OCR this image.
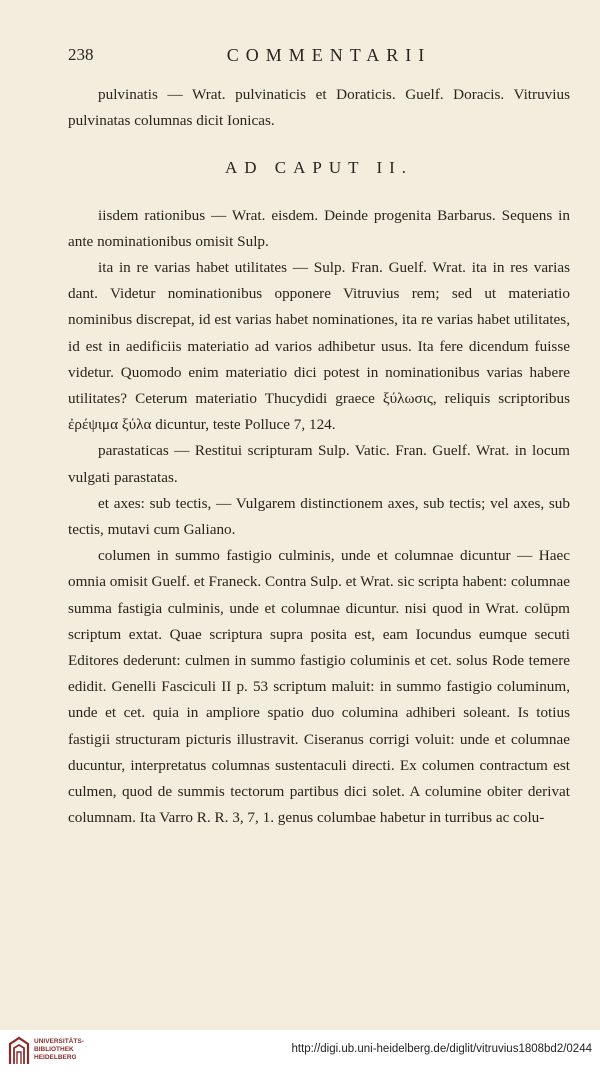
238	COMMENTARII

pulvinatis — Wrat. pulvinaticis et Doraticis. Guelf. Doracis. Vitruvius pulvinatas columnas dicit Ionicas.

AD CAPUT II.

iisdem rationibus — Wrat. eisdem. Deinde progenita Barbarus. Sequens in ante nominationibus omisit Sulp.

ita in re varias habet utilitates — Sulp. Fran. Guelf. Wrat. ita in res varias dant. Videtur nominationibus opponere Vitruvius rem; sed ut materiatio nominibus discrepat, id est varias habet nominationes, ita re varias habet utilitates, id est in aedificiis materiatio ad varios adhibetur usus. Ita fere dicendum fuisse videtur. Quomodo enim materiatio dici potest in nominationibus varias habere utilitates? Ceterum materiatio Thucydidi graece ξύλωσις, reliquis scriptoribus ἐρέψιμα ξύλα dicuntur, teste Polluce 7, 124.

parastaticas — Restitui scripturam Sulp. Vatic. Fran. Guelf. Wrat. in locum vulgati parastatas.

et axes: sub tectis, — Vulgarem distinctionem axes, sub tectis; vel axes, sub tectis, mutavi cum Galiano.

columen in summo fastigio culminis, unde et columnae dicuntur — Haec omnia omisit Guelf. et Franeck. Contra Sulp. et Wrat. sic scripta habent: columnae summa fastigia culminis, unde et columnae dicuntur. nisi quod in Wrat. colūpm scriptum extat. Quae scriptura supra posita est, eam Iocundus eumque secuti Editores dederunt: culmen in summo fastigio columinis et cet. solus Rode temere edidit. Genelli Fasciculi II p. 53 scriptum maluit: in summo fastigio columinum, unde et cet. quia in ampliore spatio duo columina adhiberi soleant. Is totius fastigii structuram picturis illustravit. Ciseranus corrigi voluit: unde et columnae ducuntur, interpretatus columnas sustentaculi directi. Ex columen contractum est culmen, quod de summis tectorum partibus dici solet. A columine obiter derivat columnam. Ita Varro R. R. 3, 7, 1. genus columbae habetur in turribus ac colu-

UNIVERSITÄTS-
BIBLIOTHEK
HEIDELBERG
http://digi.ub.uni-heidelberg.de/diglit/vitruvius1808bd2/0244
